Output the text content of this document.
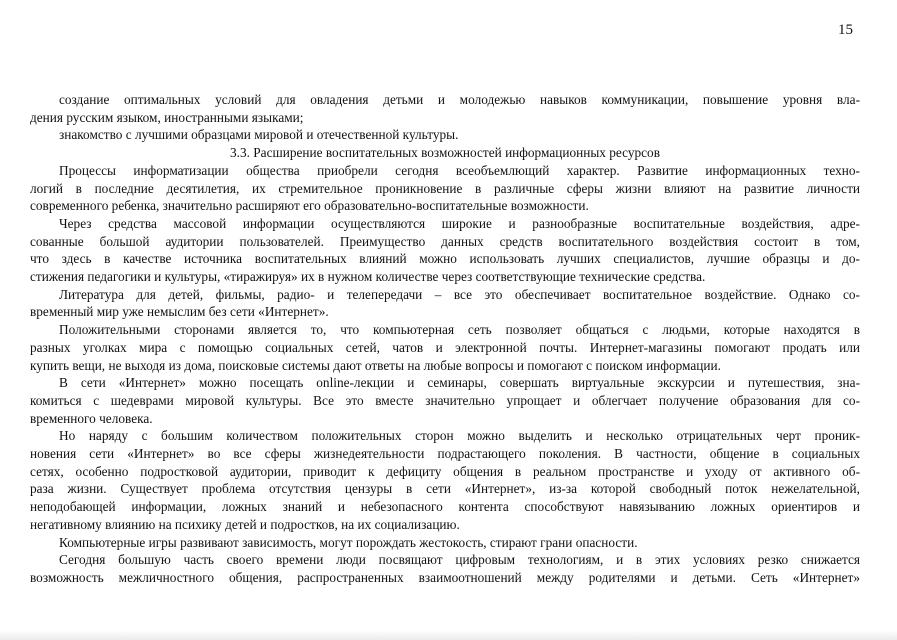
15
создание оптимальных условий для овладения детьми и молодежью навыков коммуникации, повышение уровня вла-
дения русским языком, иностранными языками;
знакомство с лучшими образцами мировой и отечественной культуры.
3.3. Расширение воспитательных возможностей информационных ресурсов
Процессы информатизации общества приобрели сегодня всеобъемлющий характер. Развитие информационных техно-
логий в последние десятилетия, их стремительное проникновение в различные сферы жизни влияют на развитие личности
современного ребенка, значительно расширяют его образовательно-воспитательные возможности.
Через средства массовой информации осуществляются широкие и разнообразные воспитательные воздействия, адре-
сованные большой аудитории пользователей. Преимущество данных средств воспитательного воздействия состоит в том,
что здесь в качестве источника воспитательных влияний можно использовать лучших специалистов, лучшие образцы и до-
стижения педагогики и культуры, «тиражируя» их в нужном количестве через соответствующие технические средства.
Литература для детей, фильмы, радио- и телепередачи – все это обеспечивает воспитательное воздействие. Однако со-
временный мир уже немыслим без сети «Интернет».
Положительными сторонами является то, что компьютерная сеть позволяет общаться с людьми, которые находятся в
разных уголках мира с помощью социальных сетей, чатов и электронной почты. Интернет-магазины помогают продать или
купить вещи, не выходя из дома, поисковые системы дают ответы на любые вопросы и помогают с поиском информации.
В сети «Интернет» можно посещать online-лекции и семинары, совершать виртуальные экскурсии и путешествия, зна-
комиться с шедеврами мировой культуры. Все это вместе значительно упрощает и облегчает получение образования для со-
временного человека.
Но наряду с большим количеством положительных сторон можно выделить и несколько отрицательных черт проник-
новения сети «Интернет» во все сферы жизнедеятельности подрастающего поколения. В частности, общение в социальных
сетях, особенно подростковой аудитории, приводит к дефициту общения в реальном пространстве и уходу от активного об-
раза жизни. Существует проблема отсутствия цензуры в сети «Интернет», из-за которой свободный поток нежелательной,
неподобающей информации, ложных знаний и небезопасного контента способствуют навязыванию ложных ориентиров и
негативному влиянию на психику детей и подростков, на их социализацию.
Компьютерные игры развивают зависимость, могут порождать жестокость, стирают грани опасности.
Сегодня большую часть своего времени люди посвящают цифровым технологиям, и в этих условиях резко снижается
возможность межличностного общения, распространенных взаимоотношений между родителями и детьми. Сеть «Интернет»
